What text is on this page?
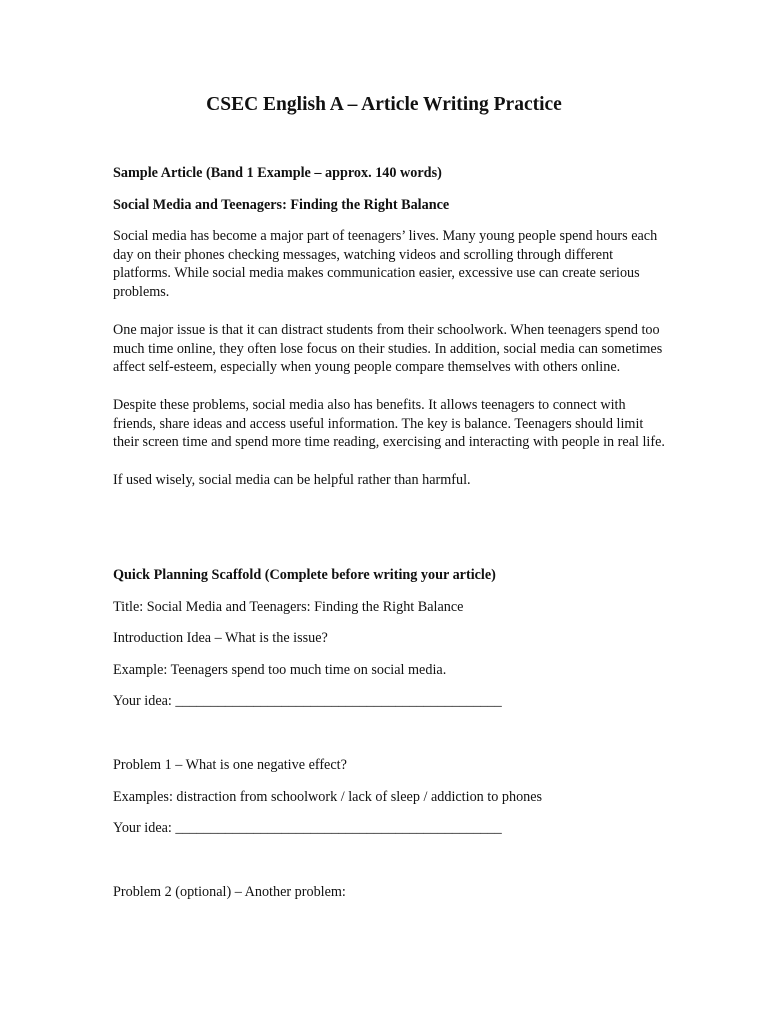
CSEC English A – Article Writing Practice

Sample Article (Band 1 Example – approx. 140 words)

Social Media and Teenagers: Finding the Right Balance

Social media has become a major part of teenagers’ lives. Many young people spend hours each
day on their phones checking messages, watching videos and scrolling through different
platforms. While social media makes communication easier, excessive use can create serious
problems.
One major issue is that it can distract students from their schoolwork. When teenagers spend too
much time online, they often lose focus on their studies. In addition, social media can sometimes
affect self-esteem, especially when young people compare themselves with others online.
Despite these problems, social media also has benefits. It allows teenagers to connect with
friends, share ideas and access useful information. The key is balance. Teenagers should limit
their screen time and spend more time reading, exercising and interacting with people in real life.
If used wisely, social media can be helpful rather than harmful.

Quick Planning Scaffold (Complete before writing your article)

Title: Social Media and Teenagers: Finding the Right Balance

Introduction Idea – What is the issue?

Example: Teenagers spend too much time on social media.

Your idea: ______________________________________________

Problem 1 – What is one negative effect?

Examples: distraction from schoolwork / lack of sleep / addiction to phones

Your idea: ______________________________________________

Problem 2 (optional) – Another problem:
